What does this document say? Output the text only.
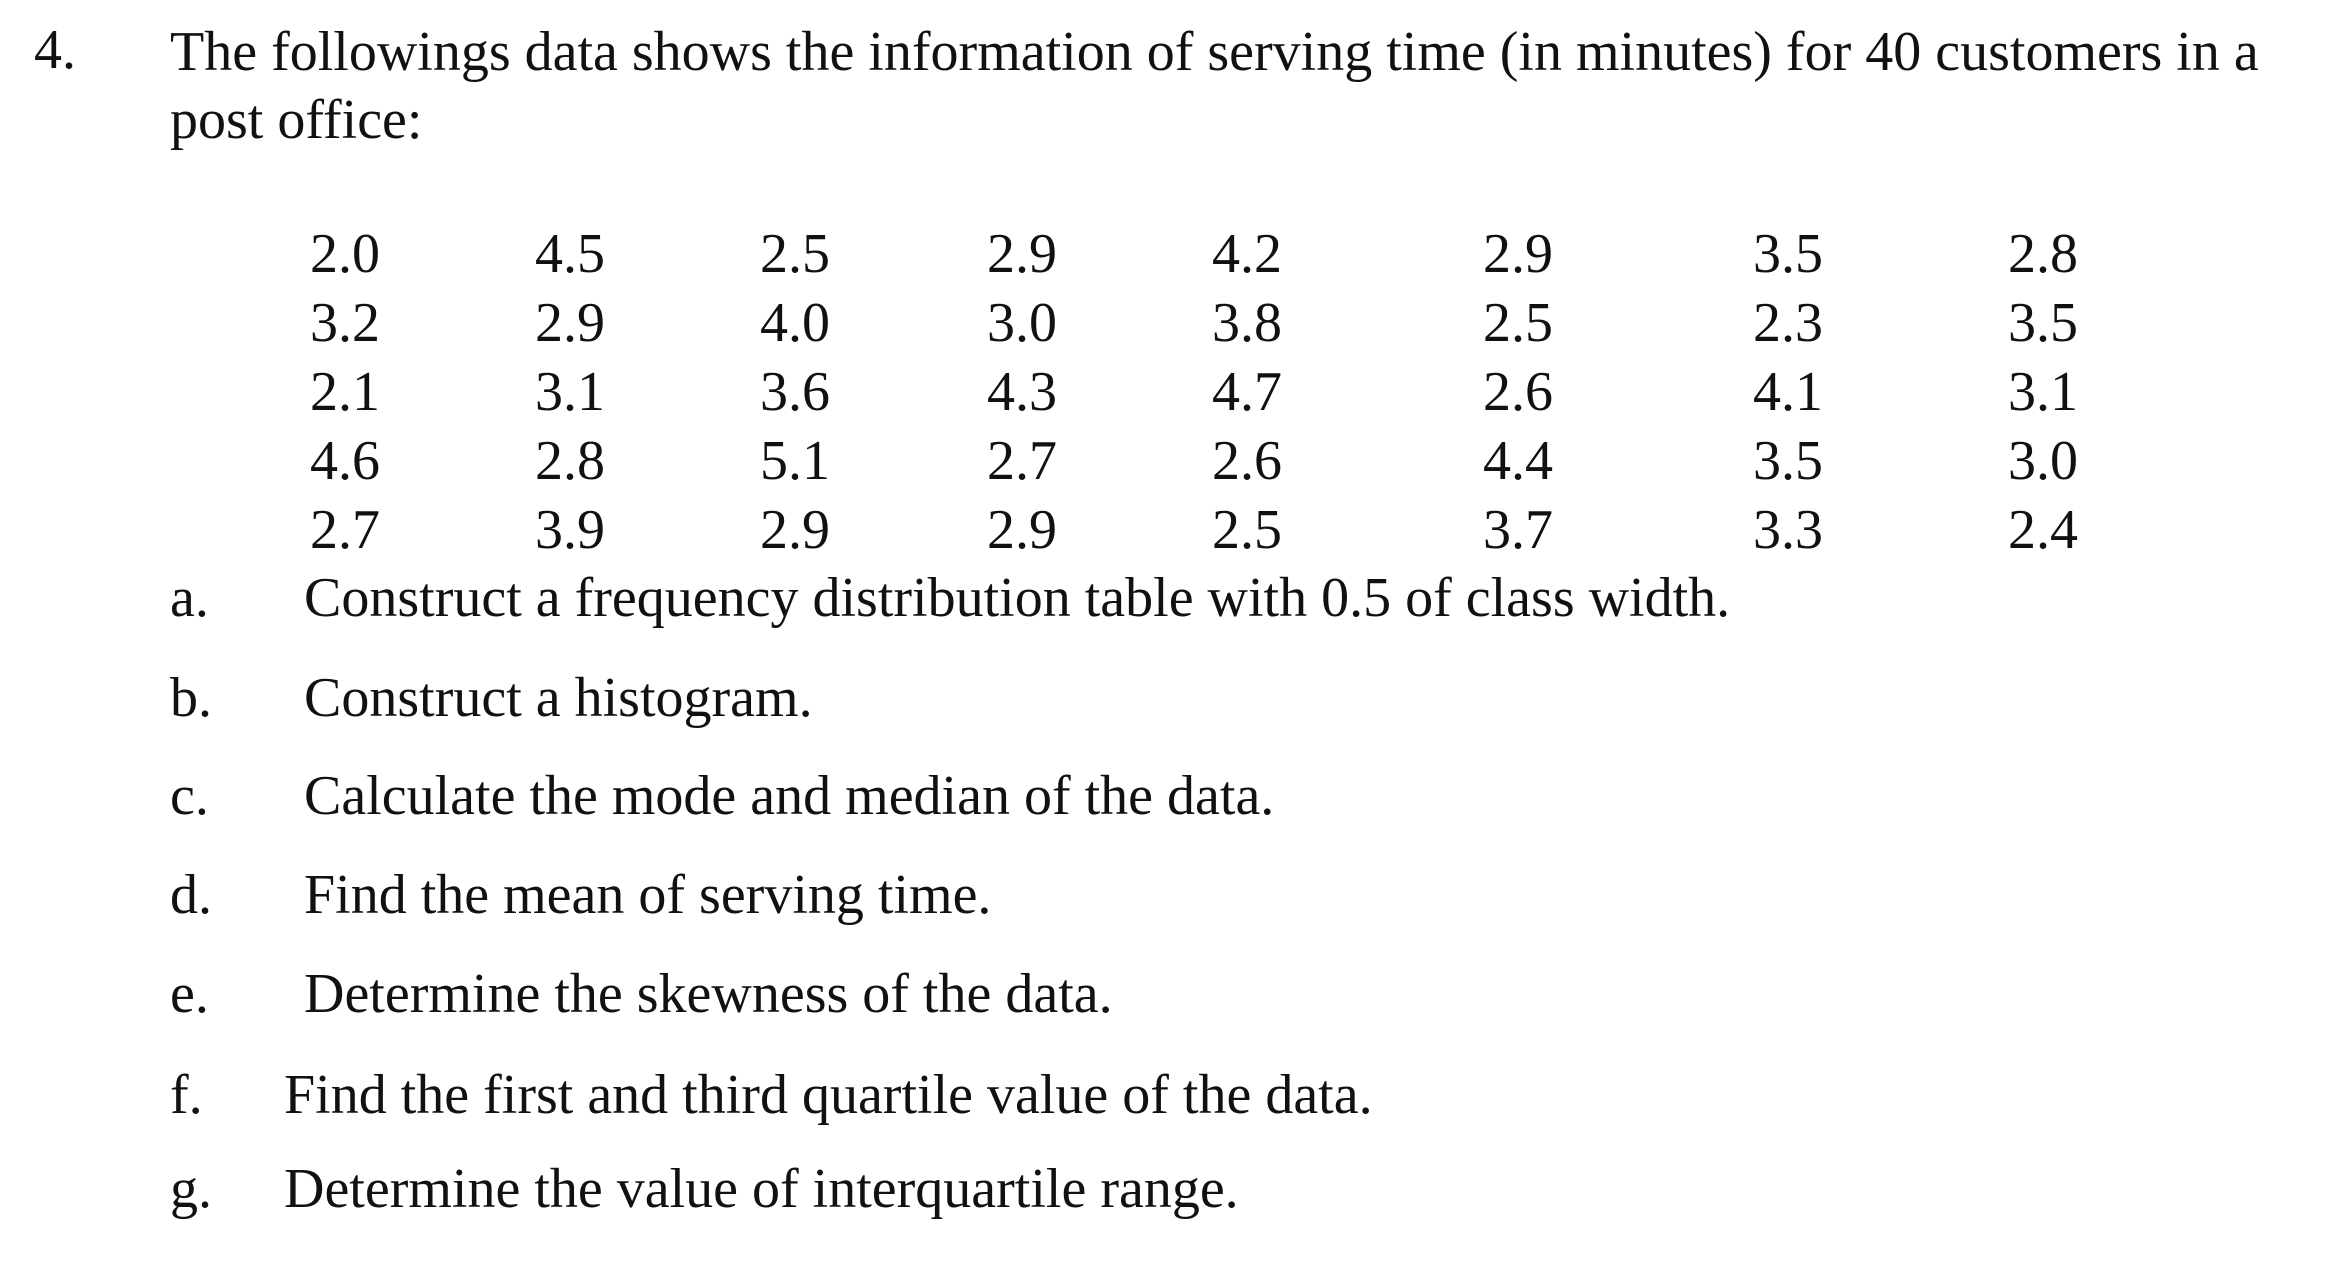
4. The followings data shows the information of serving time (in minutes) for 40 customers in a post office:
2.0	4.5	2.5	2.9	4.2	2.9	3.5	2.8
3.2	2.9	4.0	3.0	3.8	2.5	2.3	3.5
2.1	3.1	3.6	4.3	4.7	2.6	4.1	3.1
4.6	2.8	5.1	2.7	2.6	4.4	3.5	3.0
2.7	3.9	2.9	2.9	2.5	3.7	3.3	2.4
a. Construct a frequency distribution table with 0.5 of class width.
b. Construct a histogram.
c. Calculate the mode and median of the data.
d. Find the mean of serving time.
e. Determine the skewness of the data.
f. Find the first and third quartile value of the data.
g. Determine the value of interquartile range.
